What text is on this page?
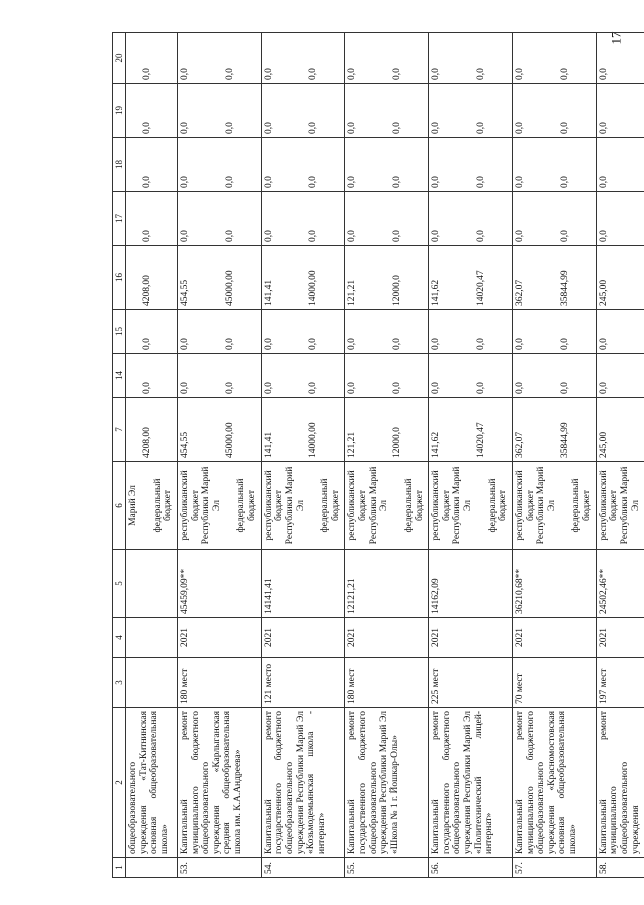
17
1	2	3	4	5	6	7	14	15	16	17	18	19	20
	общеобразовательного учреждения «Тат-Китнинская основная общеобразовательная школа»				Марий Эл федеральный бюджет	4208,00	0,0	0,0	4208,00	0,0	0,0	0,0	0,0

53.	Капитальный ремонт муниципального бюджетного общеобразовательного учреждения «Карлыганская средняя общеобразовательная школа им. К.А.Андреева»	180 мест	2021	45459,09**	республиканский бюджет Республики Марий Эл федеральный бюджет	454,55 45000,00	0,0 0,0	0,0 0,0	454,55 45000,00	0,0 0,0	0,0 0,0	0,0 0,0	0,0 0,0

54.	Капитальный ремонт государственного бюджетного общеобразовательного учреждения Республики Марий Эл «Козьмодемьянская школа - интернат»	121 место	2021	14141,41	республиканский бюджет Республики Марий Эл федеральный бюджет	141,41 14000,00	0,0 0,0	0,0 0,0	141,41 14000,00	0,0 0,0	0,0 0,0	0,0 0,0	0,0 0,0

55.	Капитальный ремонт государственного бюджетного общеобразовательного учреждения Республики Марий Эл «Школа № 1 г. Йошкар-Олы»	180 мест	2021	12121,21	республиканский бюджет Республики Марий Эл федеральный бюджет	121,21 12000,0	0,0 0,0	0,0 0,0	121,21 12000,0	0,0 0,0	0,0 0,0	0,0 0,0	0,0 0,0

56.	Капитальный ремонт государственного бюджетного общеобразовательного учреждения Республики Марий Эл «Политехнический лицей-интернат»	225 мест	2021	14162,09	республиканский бюджет Республики Марий Эл федеральный бюджет	141,62 14020,47	0,0 0,0	0,0 0,0	141,62 14020,47	0,0 0,0	0,0 0,0	0,0 0,0	0,0 0,0

57.	Капитальный ремонт муниципального бюджетного общеобразовательного учреждения «Красномостовская основная общеобразовательная школа»	70 мест	2021	36210,68**	республиканский бюджет Республики Марий Эл федеральный бюджет	362,07 35844,99	0,0 0,0	0,0 0,0	362,07 35844,99	0,0 0,0	0,0 0,0	0,0 0,0	0,0 0,0

58.	Капитальный ремонт муниципального общеобразовательного учреждения	197 мест	2021	24502,46**	республиканский бюджет Республики Марий Эл	245,00	0,0	0,0	245,00	0,0	0,0	0,0	0,0
